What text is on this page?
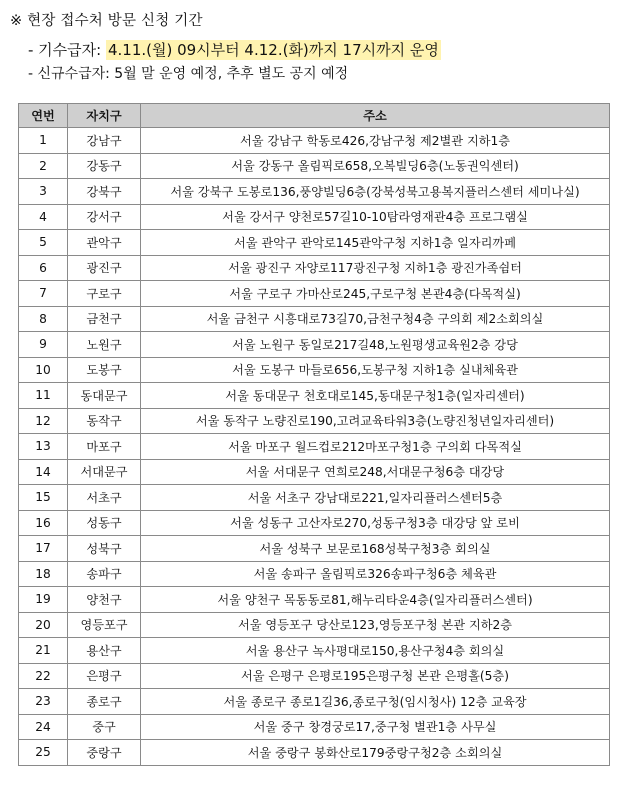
※ 현장 접수처 방문 신청 기간
- 기수급자: 4.11.(월) 09시부터 4.12.(화)까지 17시까지 운영
- 신규수급자: 5월 말 운영 예정, 추후 별도 공지 예정
연번	자치구	주소
1	강남구	서울 강남구 학동로426,강남구청 제2별관 지하1층
2	강동구	서울 강동구 올림픽로658,오복빌딩6층(노동권익센터)
3	강북구	서울 강북구 도봉로136,풍양빌딩6층(강북성북고용복지플러스센터 세미나실)
4	강서구	서울 강서구 양천로57길10-10탐라영재관4층 프로그램실
5	관악구	서울 관악구 관악로145관악구청 지하1층 일자리까페
6	광진구	서울 광진구 자양로117광진구청 지하1층 광진가족쉼터
7	구로구	서울 구로구 가마산로245,구로구청 본관4층(다목적실)
8	금천구	서울 금천구 시흥대로73길70,금천구청4층 구의회 제2소회의실
9	노원구	서울 노원구 동일로217길48,노원평생교육원2층 강당
10	도봉구	서울 도봉구 마들로656,도봉구청 지하1층 실내체육관
11	동대문구	서울 동대문구 천호대로145,동대문구청1층(일자리센터)
12	동작구	서울 동작구 노량진로190,고려교육타워3층(노량진청년일자리센터)
13	마포구	서울 마포구 월드컵로212마포구청1층 구의회 다목적실
14	서대문구	서울 서대문구 연희로248,서대문구청6층 대강당
15	서초구	서울 서초구 강남대로221,일자리플러스센터5층
16	성동구	서울 성동구 고산자로270,성동구청3층 대강당 앞 로비
17	성북구	서울 성북구 보문로168성북구청3층 회의실
18	송파구	서울 송파구 올림픽로326송파구청6층 체육관
19	양천구	서울 양천구 목동동로81,해누리타운4층(일자리플러스센터)
20	영등포구	서울 영등포구 당산로123,영등포구청 본관 지하2층
21	용산구	서울 용산구 녹사평대로150,용산구청4층 회의실
22	은평구	서울 은평구 은평로195은평구청 본관 은평홀(5층)
23	종로구	서울 종로구 종로1길36,종로구청(임시청사) 12층 교육장
24	중구	서울 중구 창경궁로17,중구청 별관1층 사무실
25	중랑구	서울 중랑구 봉화산로179중랑구청2층 소회의실
